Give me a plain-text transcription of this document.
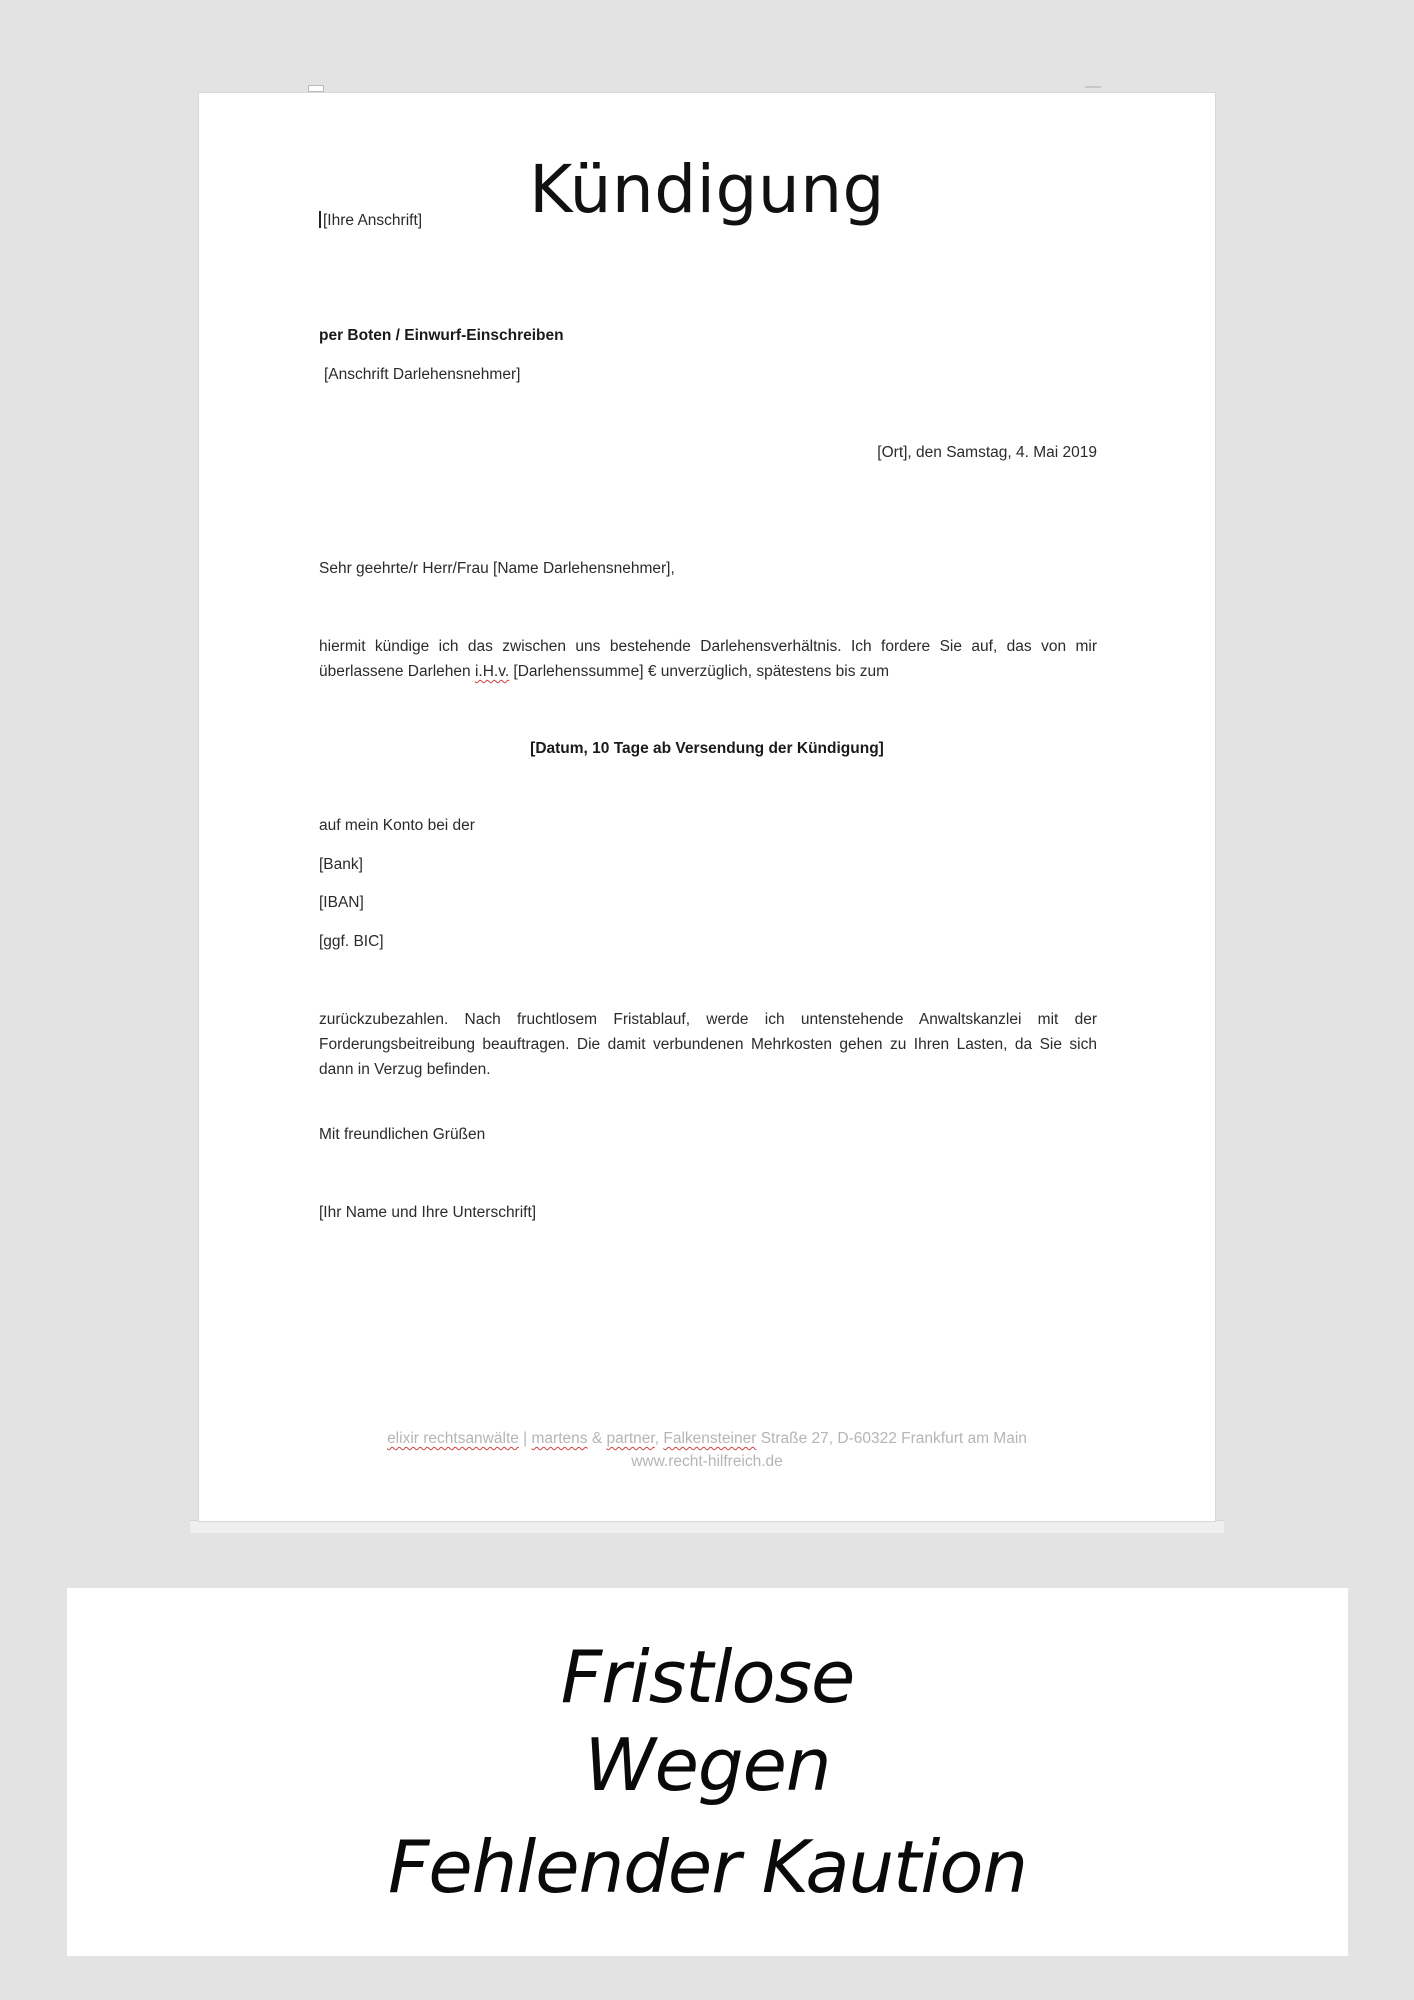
Kündigung
[Ihre Anschrift]
per Boten / Einwurf-Einschreiben
[Anschrift Darlehensnehmer]
[Ort], den Samstag, 4. Mai 2019
Sehr geehrte/r Herr/Frau [Name Darlehensnehmer],
hiermit kündige ich das zwischen uns bestehende Darlehensverhältnis. Ich fordere Sie auf, das von mir überlassene Darlehen i.H.v. [Darlehenssumme] € unverzüglich, spätestens bis zum
[Datum, 10 Tage ab Versendung der Kündigung]
auf mein Konto bei der
[Bank]
[IBAN]
[ggf. BIC]
zurückzubezahlen. Nach fruchtlosem Fristablauf, werde ich untenstehende Anwaltskanzlei mit der Forderungsbeitreibung beauftragen. Die damit verbundenen Mehrkosten gehen zu Ihren Lasten, da Sie sich dann in Verzug befinden.
Mit freundlichen Grüßen
[Ihr Name und Ihre Unterschrift]
elixir rechtsanwälte | martens & partner, Falkensteiner Straße 27, D-60322 Frankfurt am Main
www.recht-hilfreich.de
Fristlose
Wegen
Fehlender Kaution
